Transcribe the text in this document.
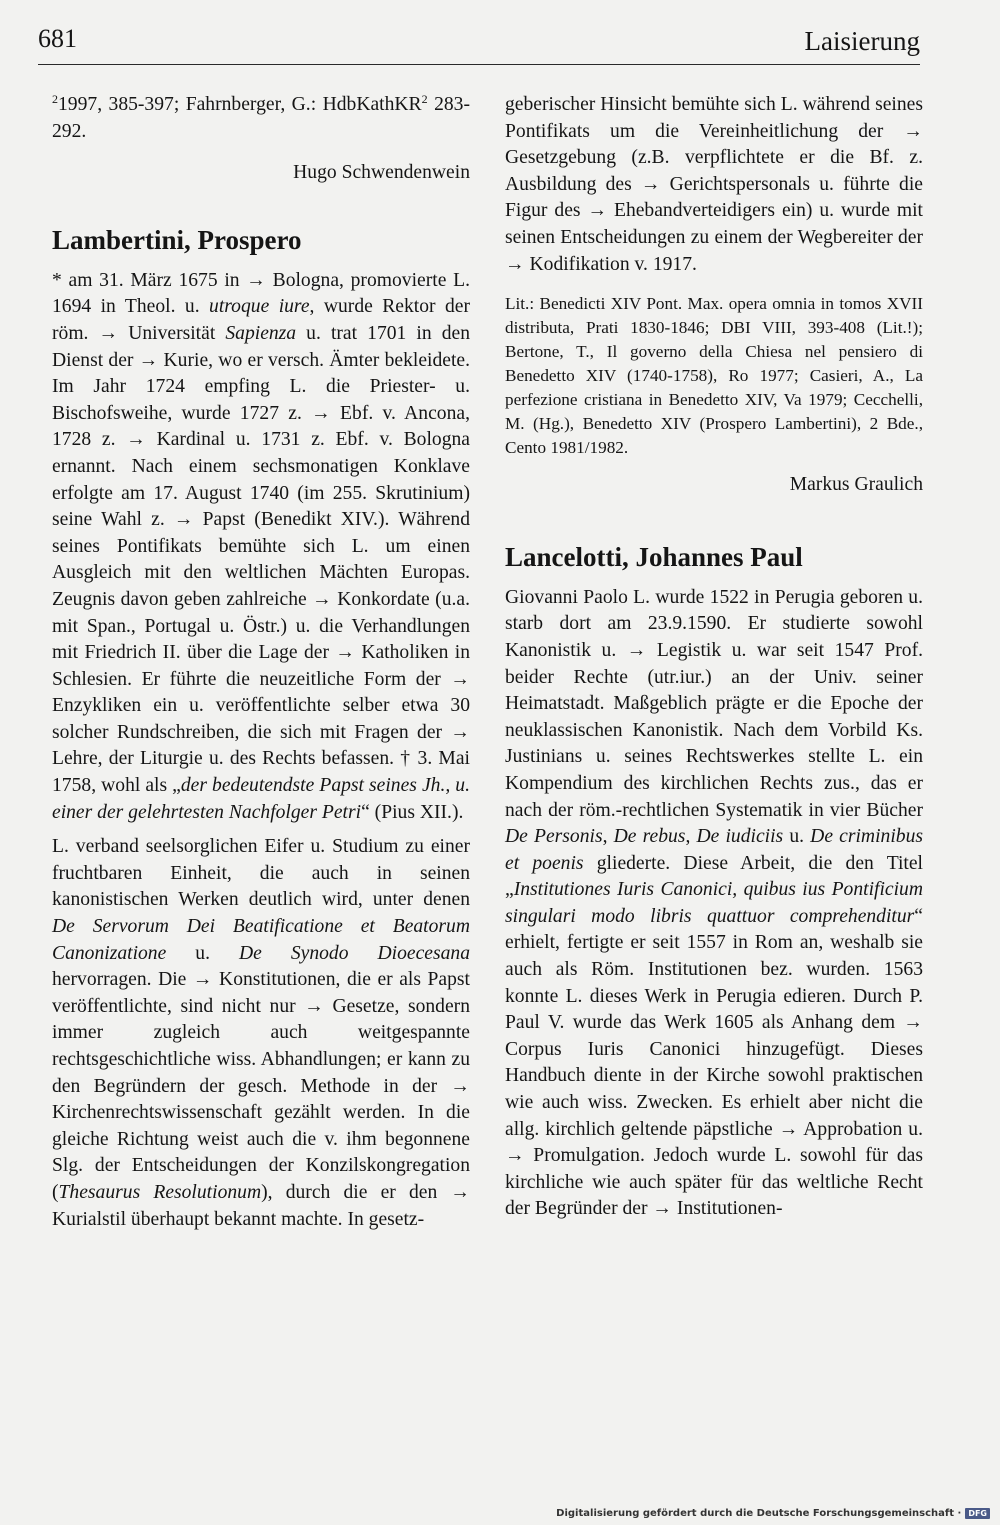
681	Laisierung

$^2$1997, 385-397; Fahrnberger, G.: HdbKathKR$^2$ 283-292.

Hugo Schwendenwein

Lambertini, Prospero

* am 31. März 1675 in → Bologna, promovierte L. 1694 in Theol. u. utroque iure, wurde Rektor der röm. → Universität Sapienza u. trat 1701 in den Dienst der → Kurie, wo er versch. Ämter bekleidete. Im Jahr 1724 empfing L. die Priester- u. Bischofsweihe, wurde 1727 z. → Ebf. v. Ancona, 1728 z. → Kardinal u. 1731 z. Ebf. v. Bologna ernannt. Nach einem sechsmonatigen Konklave erfolgte am 17. August 1740 (im 255. Skrutinium) seine Wahl z. → Papst (Benedikt XIV.). Während seines Pontifikats bemühte sich L. um einen Ausgleich mit den weltlichen Mächten Europas. Zeugnis davon geben zahlreiche → Konkordate (u.a. mit Span., Portugal u. Östr.) u. die Verhandlungen mit Friedrich II. über die Lage der → Katholiken in Schlesien. Er führte die neuzeitliche Form der → Enzykliken ein u. veröffentlichte selber etwa 30 solcher Rundschreiben, die sich mit Fragen der → Lehre, der Liturgie u. des Rechts befassen. † 3. Mai 1758, wohl als „der bedeutendste Papst seines Jh., u. einer der gelehrtesten Nachfolger Petri“ (Pius XII.).

L. verband seelsorglichen Eifer u. Studium zu einer fruchtbaren Einheit, die auch in seinen kanonistischen Werken deutlich wird, unter denen De Servorum Dei Beatificatione et Beatorum Canonizatione u. De Synodo Dioecesana hervorragen. Die → Konstitutionen, die er als Papst veröffentlichte, sind nicht nur → Gesetze, sondern immer zugleich auch weitgespannte rechtsgeschichtliche wiss. Abhandlungen; er kann zu den Begründern der gesch. Methode in der → Kirchenrechtswissenschaft gezählt werden. In die gleiche Richtung weist auch die v. ihm begonnene Slg. der Entscheidungen der Konzilskongregation (Thesaurus Resolutionum), durch die er den → Kurialstil überhaupt bekannt machte. In gesetz-

geberischer Hinsicht bemühte sich L. während seines Pontifikats um die Vereinheitlichung der → Gesetzgebung (z.B. verpflichtete er die Bf. z. Ausbildung des → Gerichtspersonals u. führte die Figur des → Ehebandverteidigers ein) u. wurde mit seinen Entscheidungen zu einem der Wegbereiter der → Kodifikation v. 1917.

Lit.: Benedicti XIV Pont. Max. opera omnia in tomos XVII distributa, Prati 1830-1846; DBI VIII, 393-408 (Lit.!); Bertone, T., Il governo della Chiesa nel pensiero di Benedetto XIV (1740-1758), Ro 1977; Casieri, A., La perfezione cristiana in Benedetto XIV, Va 1979; Cecchelli, M. (Hg.), Benedetto XIV (Prospero Lambertini), 2 Bde., Cento 1981/1982.

Markus Graulich

Lancelotti, Johannes Paul

Giovanni Paolo L. wurde 1522 in Perugia geboren u. starb dort am 23.9.1590. Er studierte sowohl Kanonistik u. → Legistik u. war seit 1547 Prof. beider Rechte (utr.iur.) an der Univ. seiner Heimatstadt. Maßgeblich prägte er die Epoche der neuklassischen Kanonistik. Nach dem Vorbild Ks. Justinians u. seines Rechtswerkes stellte L. ein Kompendium des kirchlichen Rechts zus., das er nach der röm.-rechtlichen Systematik in vier Bücher De Personis, De rebus, De iudiciis u. De criminibus et poenis gliederte. Diese Arbeit, die den Titel „Institutiones Iuris Canonici, quibus ius Pontificium singulari modo libris quattuor comprehenditur“ erhielt, fertigte er seit 1557 in Rom an, weshalb sie auch als Röm. Institutionen bez. wurden. 1563 konnte L. dieses Werk in Perugia edieren. Durch P. Paul V. wurde das Werk 1605 als Anhang dem → Corpus Iuris Canonici hinzugefügt. Dieses Handbuch diente in der Kirche sowohl praktischen wie auch wiss. Zwecken. Es erhielt aber nicht die allg. kirchlich geltende päpstliche → Approbation u. → Promulgation. Jedoch wurde L. sowohl für das kirchliche wie auch später für das weltliche Recht der Begründer der → Institutionen-

Digitalisierung gefördert durch die Deutsche Forschungsgemeinschaft · DFG
